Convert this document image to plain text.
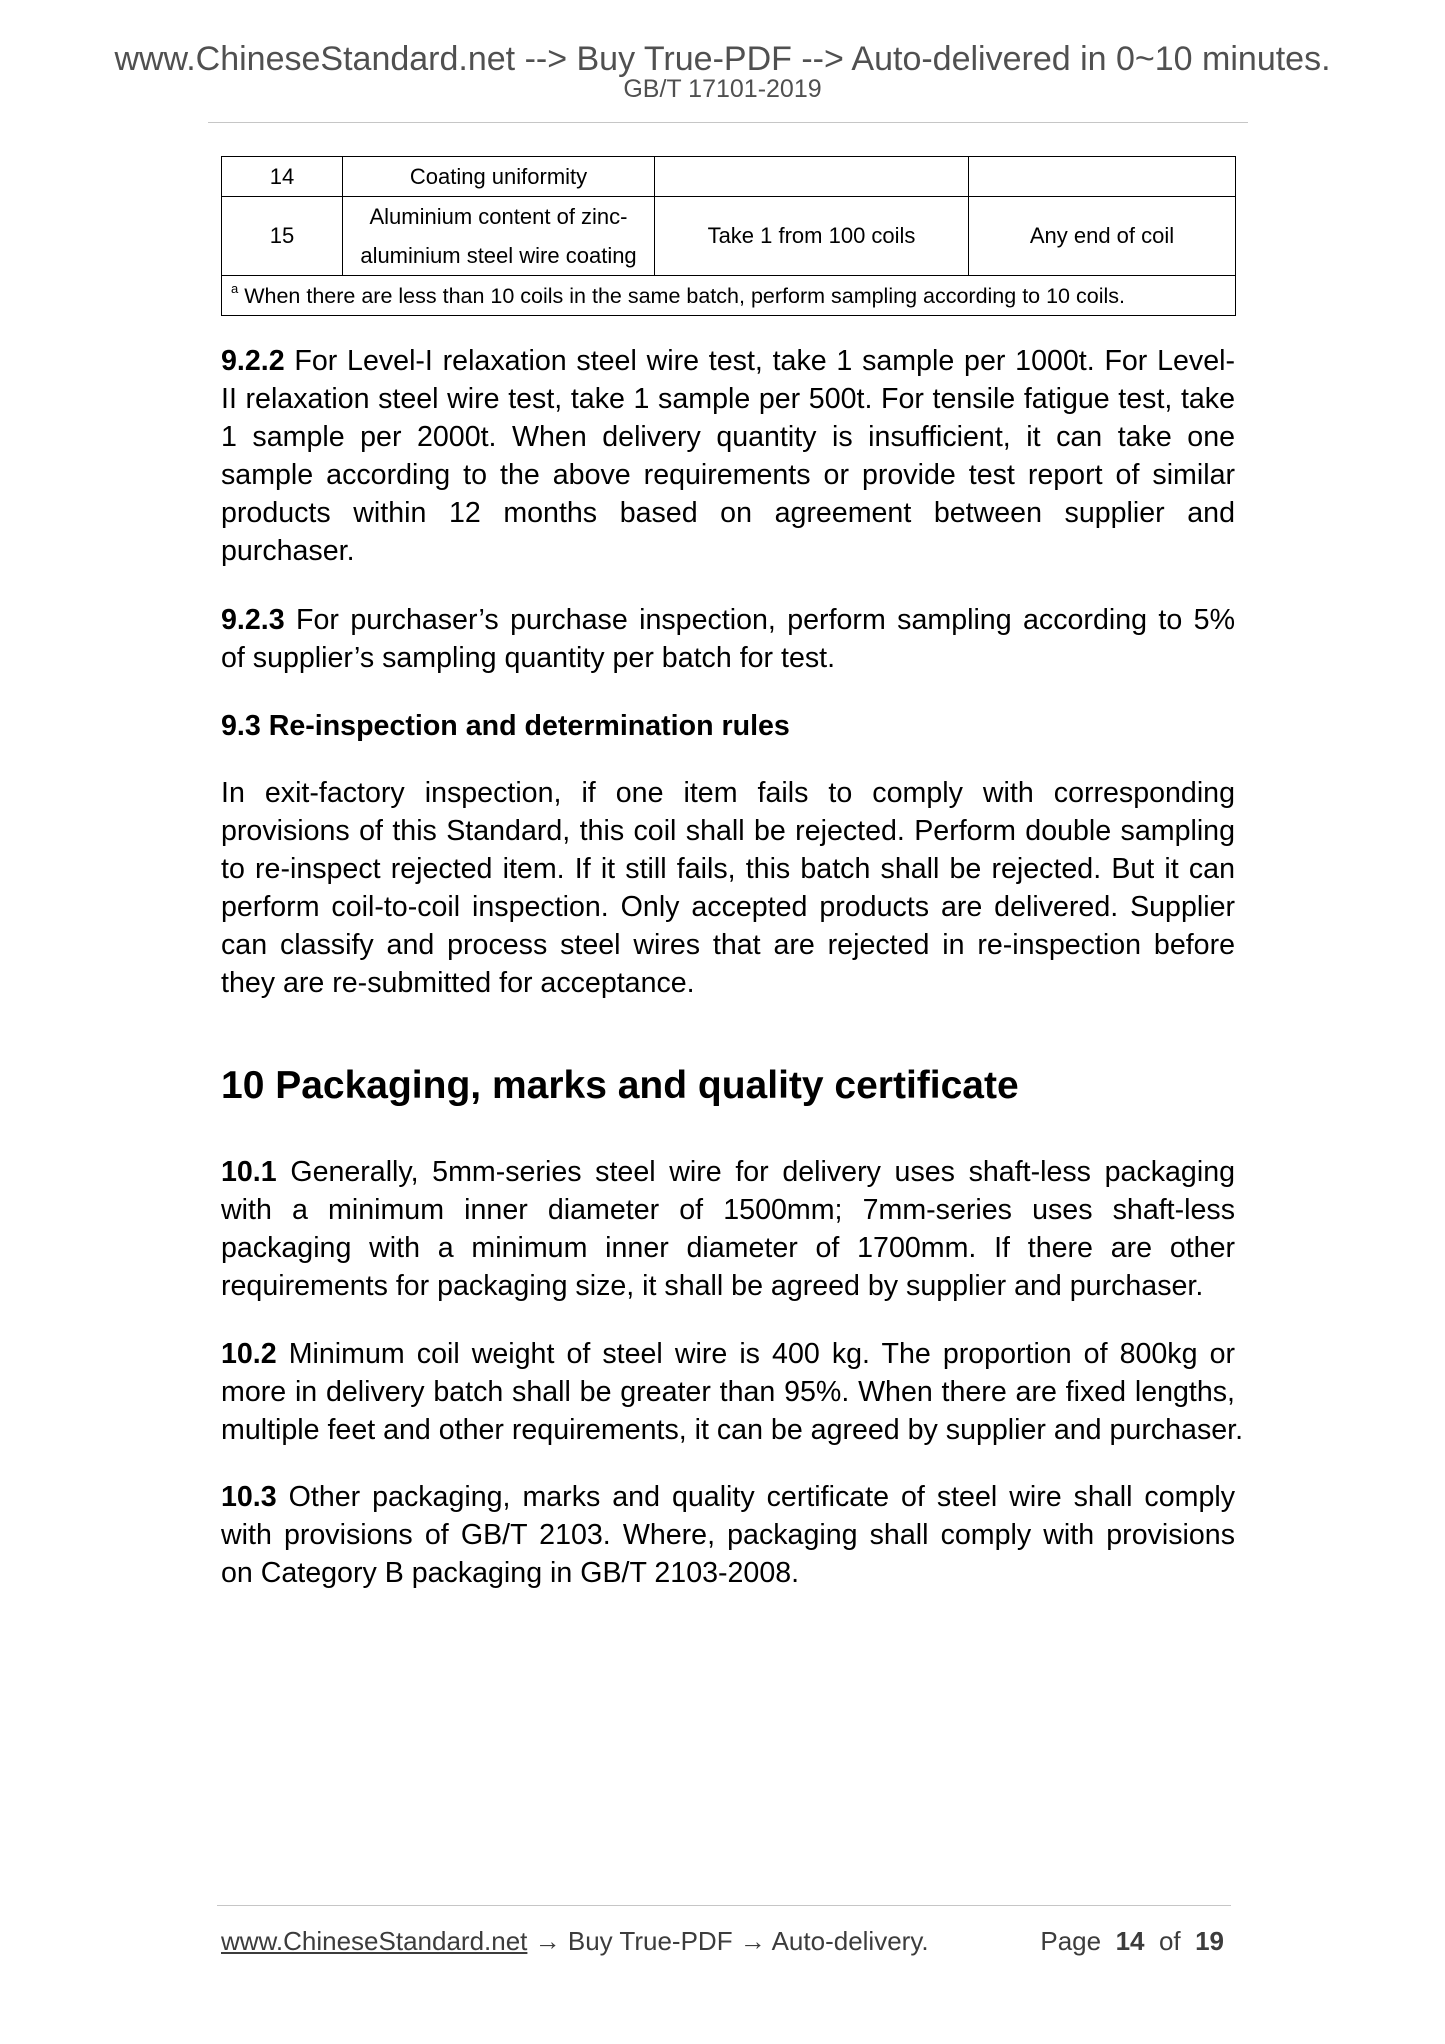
www.ChineseStandard.net --> Buy True-PDF --> Auto-delivered in 0~10 minutes.
GB/T 17101-2019
14	Coating uniformity		
15	Aluminium content of zinc-aluminium steel wire coating	Take 1 from 100 coils	Any end of coil
$^a$ When there are less than 10 coils in the same batch, perform sampling according to 10 coils.			
9.2.2 For Level-I relaxation steel wire test, take 1 sample per 1000t. For Level-
II relaxation steel wire test, take 1 sample per 500t. For tensile fatigue test, take
1 sample per 2000t. When delivery quantity is insufficient, it can take one
sample according to the above requirements or provide test report of similar
products within 12 months based on agreement between supplier and
purchaser.
9.2.3 For purchaser’s purchase inspection, perform sampling according to 5%
of supplier’s sampling quantity per batch for test.
9.3 Re-inspection and determination rules
In exit-factory inspection, if one item fails to comply with corresponding
provisions of this Standard, this coil shall be rejected. Perform double sampling
to re-inspect rejected item. If it still fails, this batch shall be rejected. But it can
perform coil-to-coil inspection. Only accepted products are delivered. Supplier
can classify and process steel wires that are rejected in re-inspection before
they are re-submitted for acceptance.
10 Packaging, marks and quality certificate
10.1 Generally, 5mm-series steel wire for delivery uses shaft-less packaging
with a minimum inner diameter of 1500mm; 7mm-series uses shaft-less
packaging with a minimum inner diameter of 1700mm. If there are other
requirements for packaging size, it shall be agreed by supplier and purchaser.
10.2 Minimum coil weight of steel wire is 400 kg. The proportion of 800kg or
more in delivery batch shall be greater than 95%. When there are fixed lengths,
multiple feet and other requirements, it can be agreed by supplier and purchaser.
10.3 Other packaging, marks and quality certificate of steel wire shall comply
with provisions of GB/T 2103. Where, packaging shall comply with provisions
on Category B packaging in GB/T 2103-2008.
www.ChineseStandard.net → Buy True-PDF → Auto-delivery.	Page 14 of 19
